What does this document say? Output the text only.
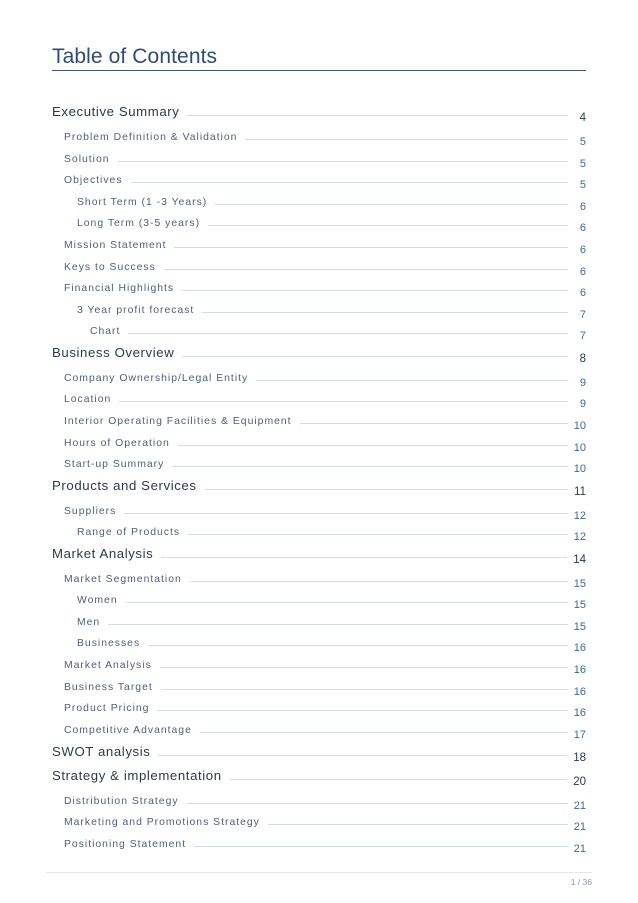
Table of Contents
Executive Summary	4
Problem Definition & Validation	5
Solution	5
Objectives	5
Short Term (1 -3 Years)	6
Long Term (3-5 years)	6
Mission Statement	6
Keys to Success	6
Financial Highlights	6
3 Year profit forecast	7
Chart	7
Business Overview	8
Company Ownership/Legal Entity	9
Location	9
Interior Operating Facilities & Equipment	10
Hours of Operation	10
Start-up Summary	10
Products and Services	11
Suppliers	12
Range of Products	12
Market Analysis	14
Market Segmentation	15
Women	15
Men	15
Businesses	16
Market Analysis	16
Business Target	16
Product Pricing	16
Competitive Advantage	17
SWOT analysis	18
Strategy & implementation	20
Distribution Strategy	21
Marketing and Promotions Strategy	21
Positioning Statement	21
1 / 36
